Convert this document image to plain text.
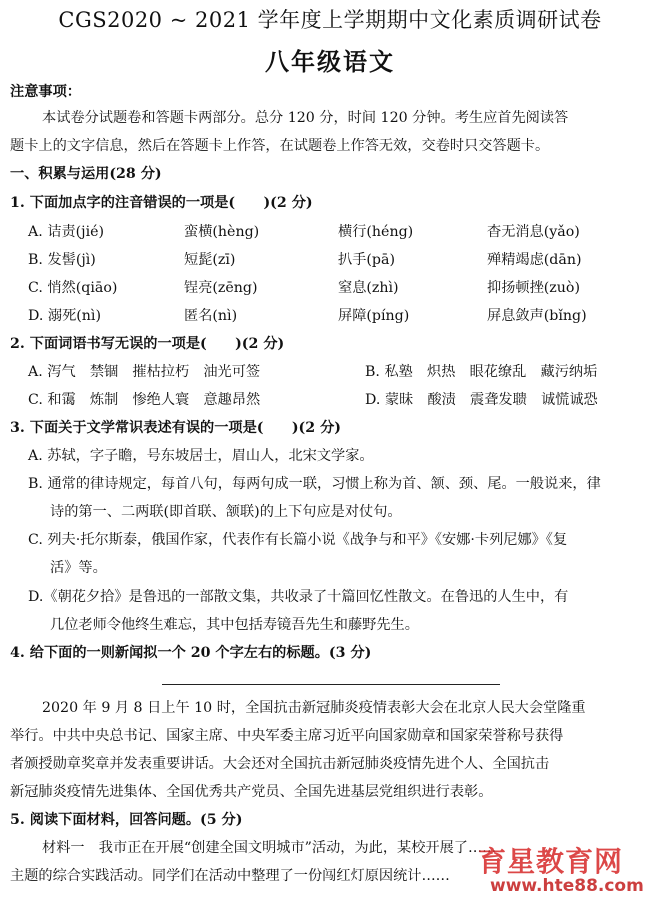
CGS2020 ~ 2021 学年度上学期期中文化素质调研试卷
八年级语文
注意事项：
本试卷分试题卷和答题卡两部分。总分 120 分，时间 120 分钟。考生应首先阅读答
题卡上的文字信息，然后在答题卡上作答，在试题卷上作答无效，交卷时只交答题卡。
一、积累与运用(28 分)
1. 下面加点字的注音错误的一项是(　　)(2 分)
A. 诘责(jié)	蛮横(hèng)	横行(héng)	杳无消息(yǎo)
B. 发髻(jì)	短髭(zī)	扒手(pā)	殚精竭虑(dān)
C. 悄然(qiāo)	锃亮(zēng)	窒息(zhì)	抑扬顿挫(zuò)
D. 溺死(nì)	匿名(nì)	屏障(píng)	屏息敛声(bǐng)
2. 下面词语书写无误的一项是(　　)(2 分)
A. 泻气　禁锢　摧枯拉朽　油光可签	B. 私塾　炽热　眼花缭乱　藏污纳垢
C. 和霭　炼制　惨绝人寰　意趣昂然	D. 蒙昧　酸渍　震聋发聩　诚慌诚恐
3. 下面关于文学常识表述有误的一项是(　　)(2 分)
A. 苏轼，字子瞻，号东坡居士，眉山人，北宋文学家。
B. 通常的律诗规定，每首八句，每两句成一联，习惯上称为首、颔、颈、尾。一般说来，律
诗的第一、二两联(即首联、颔联)的上下句应是对仗句。
C. 列夫·托尔斯泰，俄国作家，代表作有长篇小说《战争与和平》《安娜·卡列尼娜》《复
活》等。
D.《朝花夕拾》是鲁迅的一部散文集，共收录了十篇回忆性散文。在鲁迅的人生中，有
几位老师令他终生难忘，其中包括寿镜吾先生和藤野先生。
4. 给下面的一则新闻拟一个 20 个字左右的标题。(3 分)
2020 年 9 月 8 日上午 10 时，全国抗击新冠肺炎疫情表彰大会在北京人民大会堂隆重
举行。中共中央总书记、国家主席、中央军委主席习近平向国家勋章和国家荣誉称号获得
者颁授勋章奖章并发表重要讲话。大会还对全国抗击新冠肺炎疫情先进个人、全国抗击
新冠肺炎疫情先进集体、全国优秀共产党员、全国先进基层党组织进行表彰。
5. 阅读下面材料，回答问题。(5 分)
材料一　我市正在开展“创建全国文明城市”活动，为此，某校开展了……
主题的综合实践活动。同学们在活动中整理了一份闯红灯原因统计……	育星教育网
www.hte88.com
